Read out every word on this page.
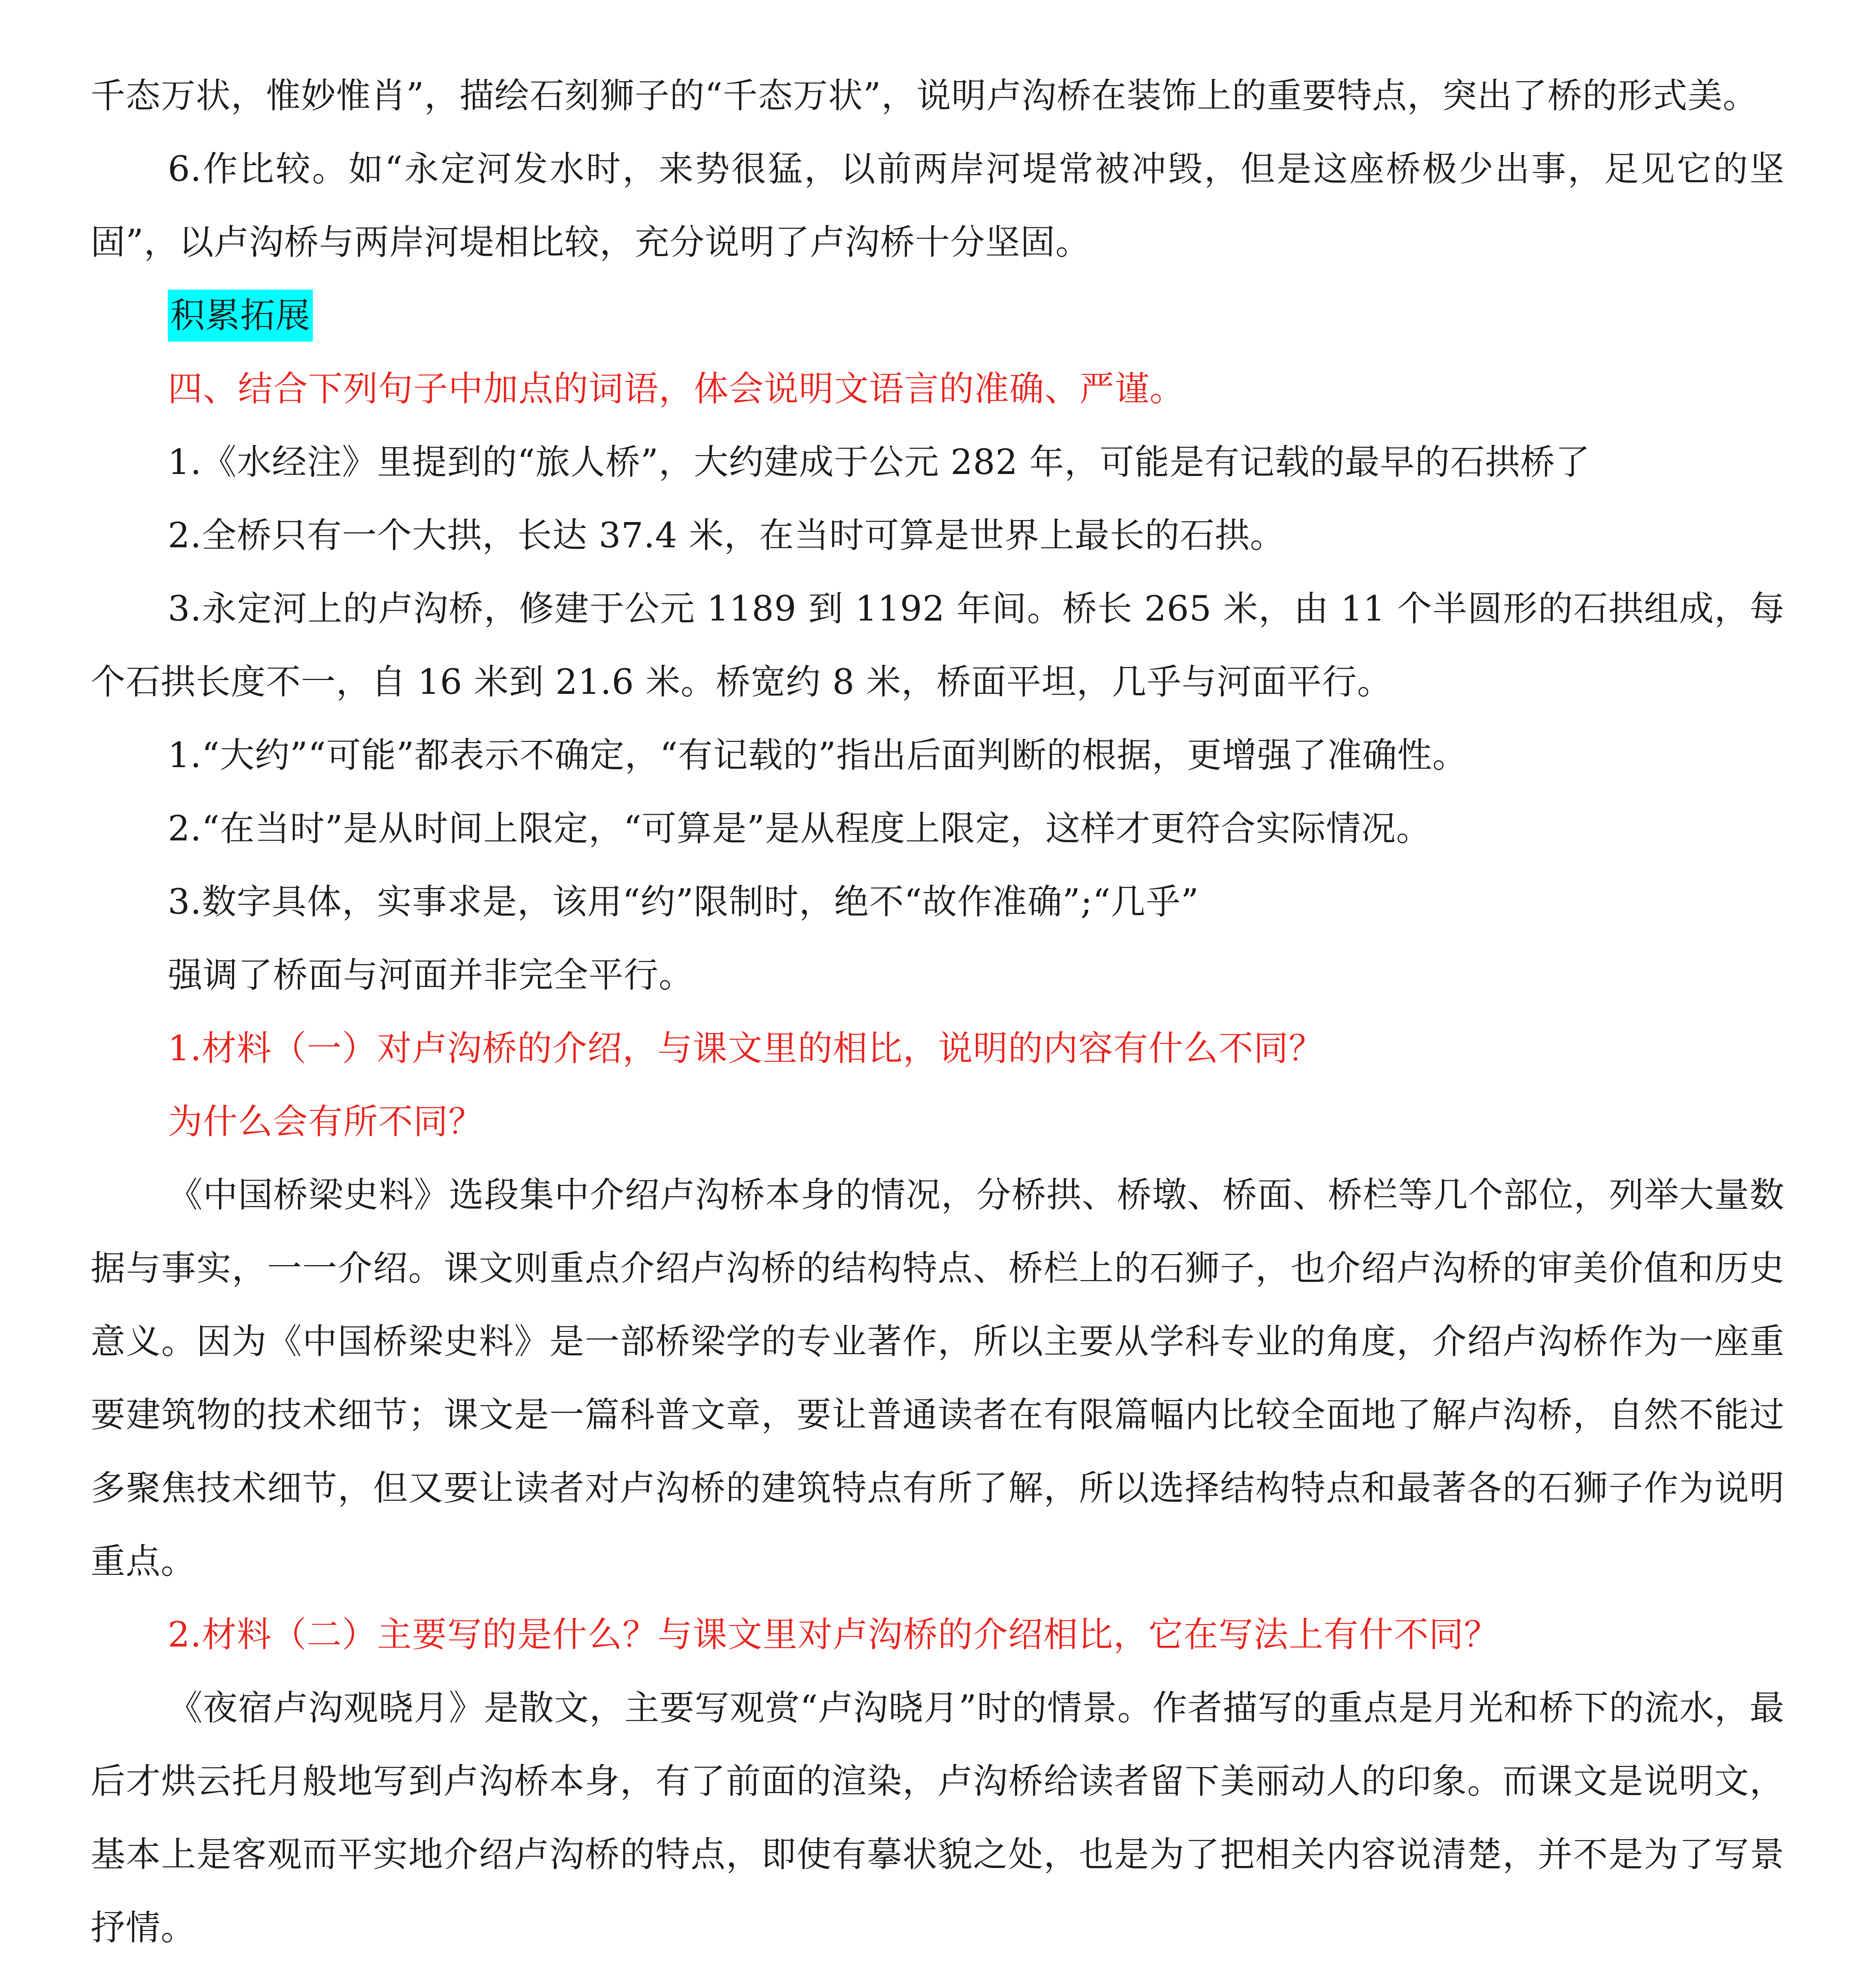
千态万状，惟妙惟肖”，描绘石刻狮子的“千态万状”，说明卢沟桥在装饰上的重要特点，突出了桥的形式美。

6.作比较。如“永定河发水时，来势很猛，以前两岸河堤常被冲毁，但是这座桥极少出事，足见它的坚固”，以卢沟桥与两岸河堤相比较，充分说明了卢沟桥十分坚固。

积累拓展

四、结合下列句子中加点的词语，体会说明文语言的准确、严谨。

1.《水经注》里提到的“旅人桥”，大约建成于公元 282 年，可能是有记载的最早的石拱桥了

2.全桥只有一个大拱，长达 37.4 米，在当时可算是世界上最长的石拱。

3.永定河上的卢沟桥，修建于公元 1189 到 1192 年间。桥长 265 米，由 11 个半圆形的石拱组成，每个石拱长度不一，自 16 米到 21.6 米。桥宽约 8 米，桥面平坦，几乎与河面平行。

1.“大约”“可能”都表示不确定，“有记载的”指出后面判断的根据，更增强了准确性。

2.“在当时”是从时间上限定，“可算是”是从程度上限定，这样才更符合实际情况。

3.数字具体，实事求是，该用“约”限制时，绝不“故作准确”;“几乎”

强调了桥面与河面并非完全平行。

1.材料（一）对卢沟桥的介绍，与课文里的相比，说明的内容有什么不同？

为什么会有所不同？

《中国桥梁史料》选段集中介绍卢沟桥本身的情况，分桥拱、桥墩、桥面、桥栏等几个部位，列举大量数据与事实，一一介绍。课文则重点介绍卢沟桥的结构特点、桥栏上的石狮子，也介绍卢沟桥的审美价值和历史意义。因为《中国桥梁史料》是一部桥梁学的专业著作，所以主要从学科专业的角度，介绍卢沟桥作为一座重要建筑物的技术细节；课文是一篇科普文章，要让普通读者在有限篇幅内比较全面地了解卢沟桥，自然不能过多聚焦技术细节，但又要让读者对卢沟桥的建筑特点有所了解，所以选择结构特点和最著各的石狮子作为说明重点。

2.材料（二）主要写的是什么？与课文里对卢沟桥的介绍相比，它在写法上有什不同？

《夜宿卢沟观晓月》是散文，主要写观赏“卢沟晓月”时的情景。作者描写的重点是月光和桥下的流水，最后才烘云托月般地写到卢沟桥本身，有了前面的渲染，卢沟桥给读者留下美丽动人的印象。而课文是说明文，基本上是客观而平实地介绍卢沟桥的特点，即使有摹状貌之处，也是为了把相关内容说清楚，并不是为了写景抒情。
